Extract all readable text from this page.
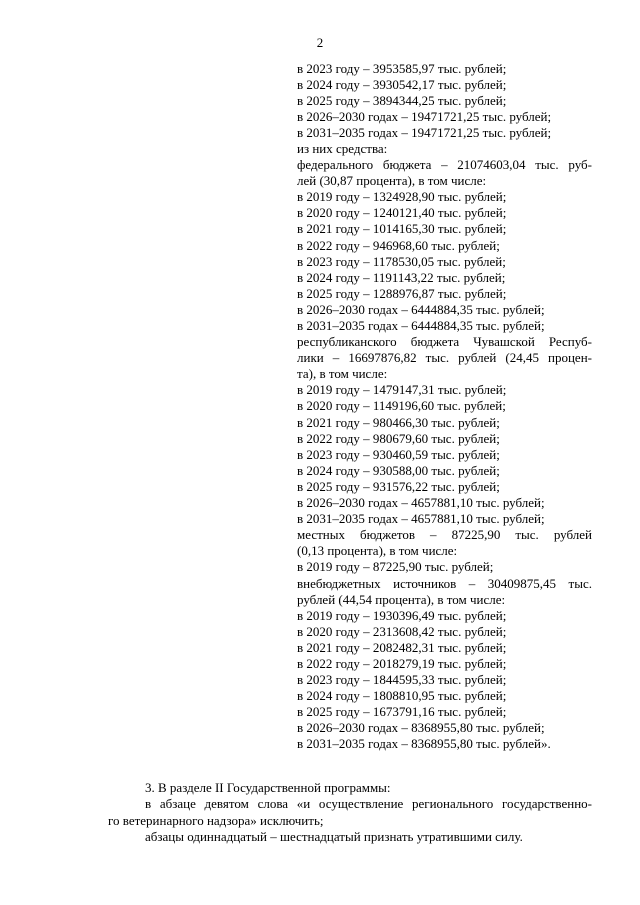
2
в 2023 году – 3953585,97 тыс. рублей;
в 2024 году – 3930542,17 тыс. рублей;
в 2025 году – 3894344,25 тыс. рублей;
в 2026–2030 годах – 19471721,25 тыс. рублей;
в 2031–2035 годах – 19471721,25 тыс. рублей;
из них средства:
федерального бюджета – 21074603,04 тыс. руб-
лей (30,87 процента), в том числе:
в 2019 году – 1324928,90 тыс. рублей;
в 2020 году – 1240121,40 тыс. рублей;
в 2021 году – 1014165,30 тыс. рублей;
в 2022 году – 946968,60 тыс. рублей;
в 2023 году – 1178530,05 тыс. рублей;
в 2024 году – 1191143,22 тыс. рублей;
в 2025 году – 1288976,87 тыс. рублей;
в 2026–2030 годах – 6444884,35 тыс. рублей;
в 2031–2035 годах – 6444884,35 тыс. рублей;
республиканского бюджета Чувашской Респуб-
лики – 16697876,82 тыс. рублей (24,45 процен-
та), в том числе:
в 2019 году – 1479147,31 тыс. рублей;
в 2020 году – 1149196,60 тыс. рублей;
в 2021 году – 980466,30 тыс. рублей;
в 2022 году – 980679,60 тыс. рублей;
в 2023 году – 930460,59 тыс. рублей;
в 2024 году – 930588,00 тыс. рублей;
в 2025 году – 931576,22 тыс. рублей;
в 2026–2030 годах – 4657881,10 тыс. рублей;
в 2031–2035 годах – 4657881,10 тыс. рублей;
местных бюджетов – 87225,90 тыс. рублей
(0,13 процента), в том числе:
в 2019 году – 87225,90 тыс. рублей;
внебюджетных источников – 30409875,45 тыс.
рублей (44,54 процента), в том числе:
в 2019 году – 1930396,49 тыс. рублей;
в 2020 году – 2313608,42 тыс. рублей;
в 2021 году – 2082482,31 тыс. рублей;
в 2022 году – 2018279,19 тыс. рублей;
в 2023 году – 1844595,33 тыс. рублей;
в 2024 году – 1808810,95 тыс. рублей;
в 2025 году – 1673791,16 тыс. рублей;
в 2026–2030 годах – 8368955,80 тыс. рублей;
в 2031–2035 годах – 8368955,80 тыс. рублей».
3. В разделе II Государственной программы:
в абзаце девятом слова «и осуществление регионального государственно-
го ветеринарного надзора» исключить;
абзацы одиннадцатый – шестнадцатый признать утратившими силу.
